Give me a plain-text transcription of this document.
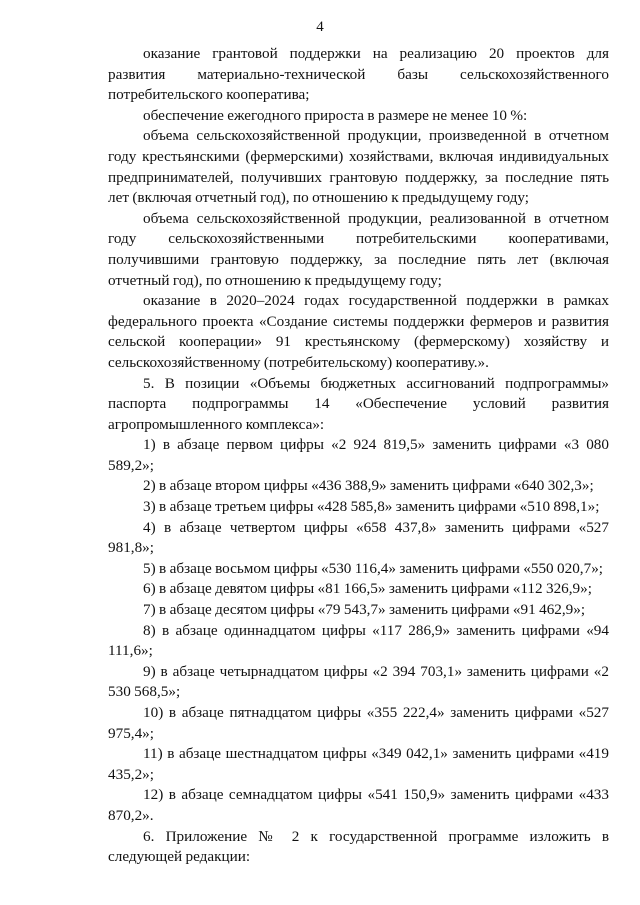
4

оказание грантовой поддержки на реализацию 20 проектов для развития материально-технической базы сельскохозяйственного потребительского кооператива;

обеспечение ежегодного прироста в размере не менее 10 %:

объема сельскохозяйственной продукции, произведенной в отчетном году крестьянскими (фермерскими) хозяйствами, включая индивидуальных предпринимателей, получивших грантовую поддержку, за последние пять лет (включая отчетный год), по отношению к предыдущему году;

объема сельскохозяйственной продукции, реализованной в отчетном году сельскохозяйственными потребительскими кооперативами, получившими грантовую поддержку, за последние пять лет (включая отчетный год), по отношению к предыдущему году;

оказание в 2020–2024 годах государственной поддержки в рамках федерального проекта «Создание системы поддержки фермеров и развития сельской кооперации» 91 крестьянскому (фермерскому) хозяйству и сельскохозяйственному (потребительскому) кооперативу.».

5. В позиции «Объемы бюджетных ассигнований подпрограммы» паспорта подпрограммы 14 «Обеспечение условий развития агропромышленного комплекса»:

1) в абзаце первом цифры «2 924 819,5» заменить цифрами «3 080 589,2»;

2) в абзаце втором цифры «436 388,9» заменить цифрами «640 302,3»;

3) в абзаце третьем цифры «428 585,8» заменить цифрами «510 898,1»;

4) в абзаце четвертом цифры «658 437,8» заменить цифрами «527 981,8»;

5) в абзаце восьмом цифры «530 116,4» заменить цифрами «550 020,7»;

6) в абзаце девятом цифры «81 166,5» заменить цифрами «112 326,9»;

7) в абзаце десятом цифры «79 543,7» заменить цифрами «91 462,9»;

8) в абзаце одиннадцатом цифры «117 286,9» заменить цифрами «94 111,6»;

9) в абзаце четырнадцатом цифры «2 394 703,1» заменить цифрами «2 530 568,5»;

10) в абзаце пятнадцатом цифры «355 222,4» заменить цифрами «527 975,4»;

11) в абзаце шестнадцатом цифры «349 042,1» заменить цифрами «419 435,2»;

12) в абзаце семнадцатом цифры «541 150,9» заменить цифрами «433 870,2».

6. Приложение № 2 к государственной программе изложить в следующей редакции:
